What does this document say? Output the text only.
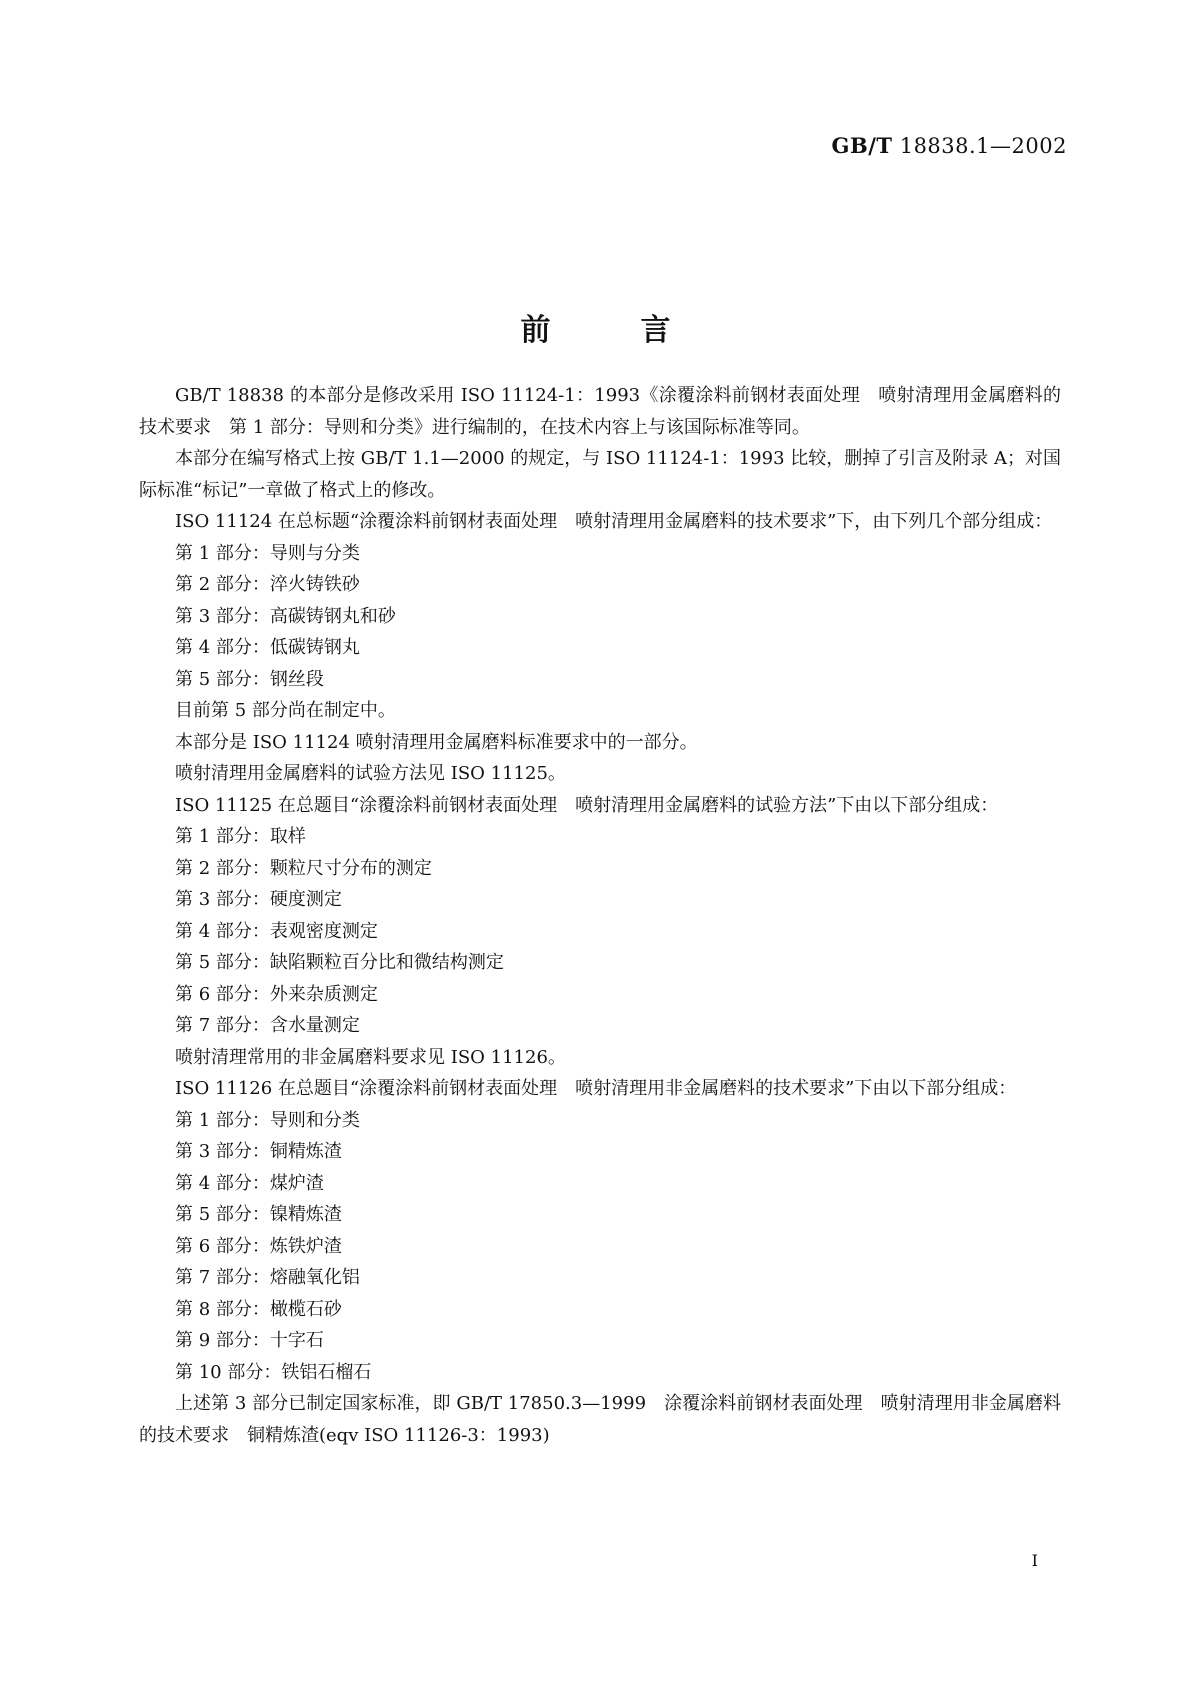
GB/T 18838.1—2002
前言

GB/T 18838 的本部分是修改采用 ISO 11124-1：1993《涂覆涂料前钢材表面处理　喷射清理用金属磨料的技术要求　第 1 部分：导则和分类》进行编制的，在技术内容上与该国际标准等同。

本部分在编写格式上按 GB/T 1.1—2000 的规定，与 ISO 11124-1：1993 比较，删掉了引言及附录 A；对国际标准“标记”一章做了格式上的修改。

ISO 11124 在总标题“涂覆涂料前钢材表面处理　喷射清理用金属磨料的技术要求”下，由下列几个部分组成：

第 1 部分：导则与分类

第 2 部分：淬火铸铁砂

第 3 部分：高碳铸钢丸和砂

第 4 部分：低碳铸钢丸

第 5 部分：钢丝段

目前第 5 部分尚在制定中。

本部分是 ISO 11124 喷射清理用金属磨料标准要求中的一部分。

喷射清理用金属磨料的试验方法见 ISO 11125。

ISO 11125 在总题目“涂覆涂料前钢材表面处理　喷射清理用金属磨料的试验方法”下由以下部分组成：

第 1 部分：取样

第 2 部分：颗粒尺寸分布的测定

第 3 部分：硬度测定

第 4 部分：表观密度测定

第 5 部分：缺陷颗粒百分比和微结构测定

第 6 部分：外来杂质测定

第 7 部分：含水量测定

喷射清理常用的非金属磨料要求见 ISO 11126。

ISO 11126 在总题目“涂覆涂料前钢材表面处理　喷射清理用非金属磨料的技术要求”下由以下部分组成：

第 1 部分：导则和分类

第 3 部分：铜精炼渣

第 4 部分：煤炉渣

第 5 部分：镍精炼渣

第 6 部分：炼铁炉渣

第 7 部分：熔融氧化铝

第 8 部分：橄榄石砂

第 9 部分：十字石

第 10 部分：铁铝石榴石

上述第 3 部分已制定国家标准，即 GB/T 17850.3—1999　涂覆涂料前钢材表面处理　喷射清理用非金属磨料的技术要求　铜精炼渣(eqv ISO 11126-3：1993)

I
